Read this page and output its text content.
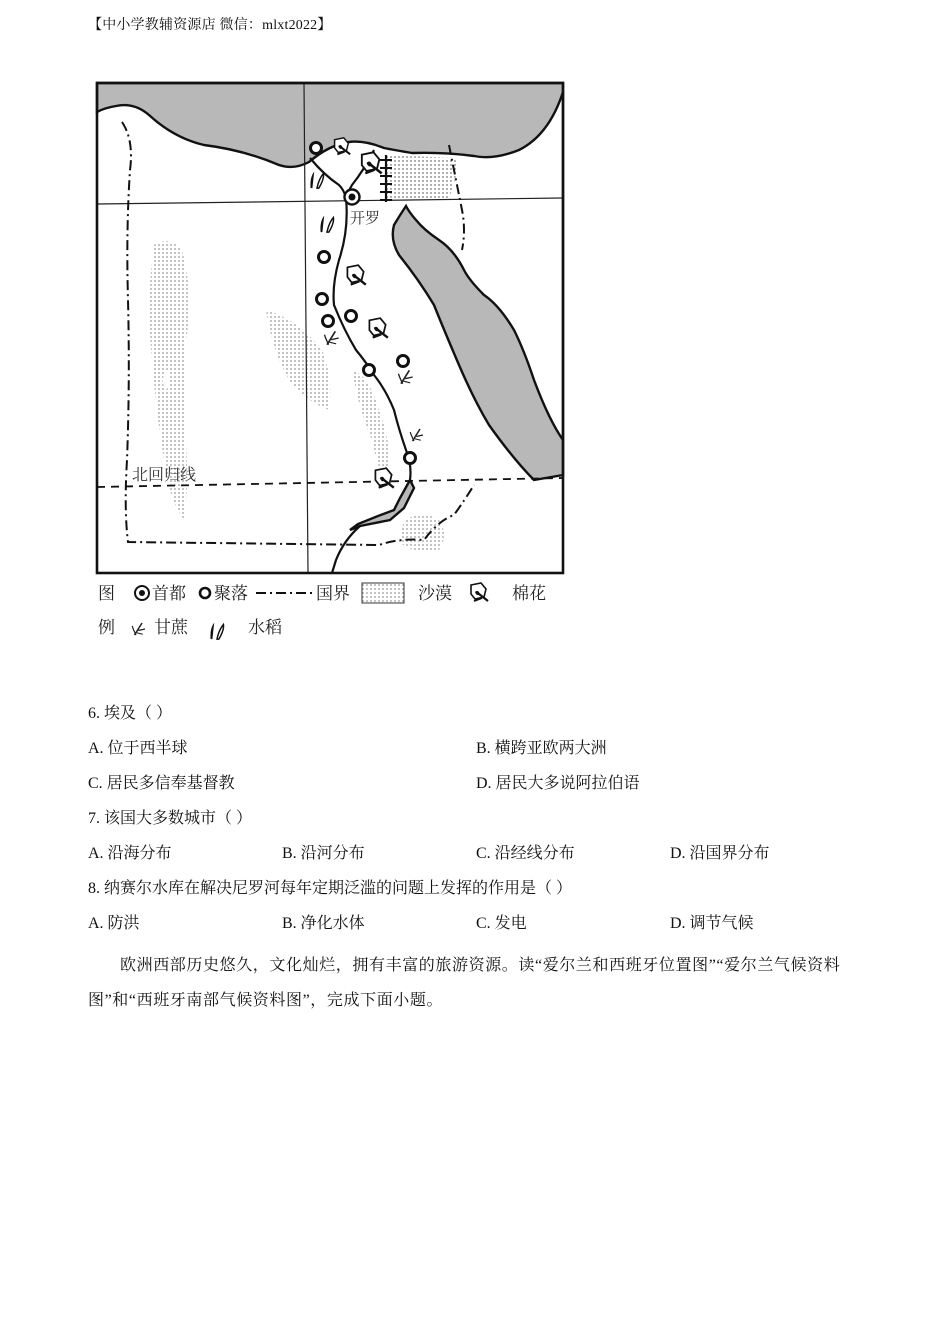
【中小学教辅资源店 微信：mlxt2022】
开罗
北回归线
图
例
首都 聚落	国界	沙漠	棉花
甘蔗	水稻
6. 埃及（ ）
A. 位于西半球	B. 横跨亚欧两大洲
C. 居民多信奉基督教	D. 居民大多说阿拉伯语
7. 该国大多数城市（ ）
A. 沿海分布	B. 沿河分布	C. 沿经线分布	D. 沿国界分布
8. 纳赛尔水库在解决尼罗河每年定期泛滥的问题上发挥的作用是（ ）
A. 防洪	B. 净化水体	C. 发电	D. 调节气候
欧洲西部历史悠久，文化灿烂，拥有丰富的旅游资源。读“爱尔兰和西班牙位置图”“爱尔兰气候资料图”和“西班牙南部气候资料图”，完成下面小题。
